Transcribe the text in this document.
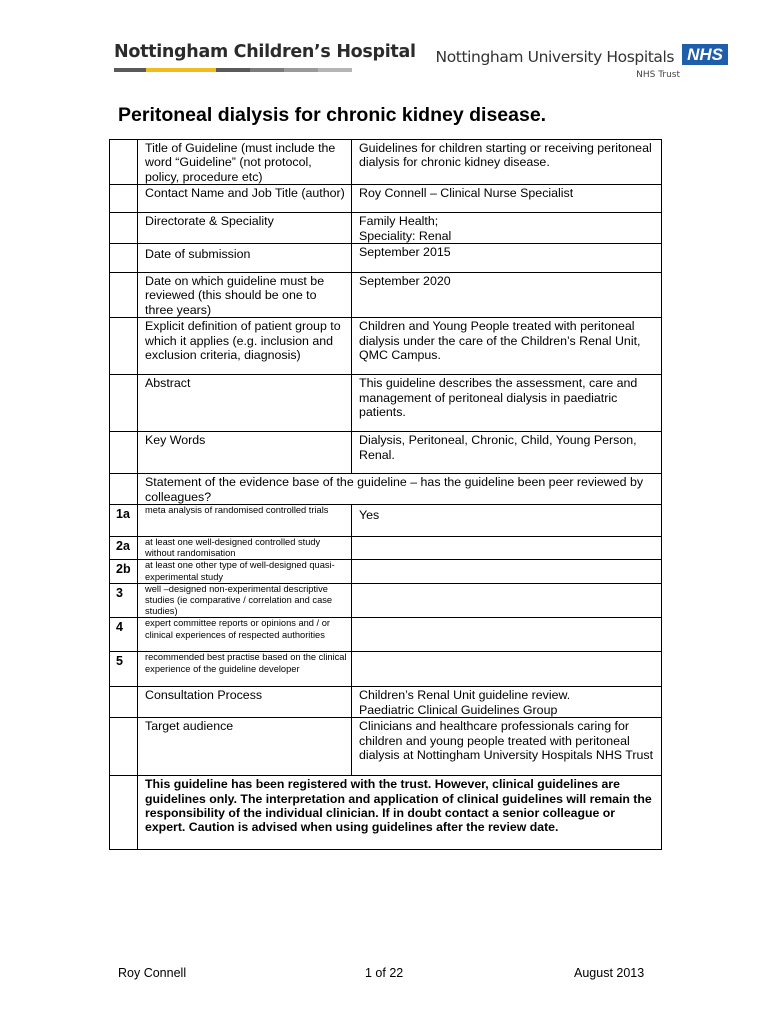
Nottingham Children’s Hospital Nottingham University Hospitals NHS
NHS Trust
Peritoneal dialysis for chronic kidney disease.
	Title of Guideline (must include the word “Guideline” (not protocol, policy, procedure etc)	Guidelines for children starting or receiving peritoneal dialysis for chronic kidney disease.
	Contact Name and Job Title (author)	Roy Connell – Clinical Nurse Specialist
	Directorate & Speciality	Family Health;
Speciality: Renal
	Date of submission	September 2015
	Date on which guideline must be reviewed (this should be one to three years)	September 2020
	Explicit definition of patient group to which it applies (e.g. inclusion and exclusion criteria, diagnosis)	Children and Young People treated with peritoneal dialysis under the care of the Children’s Renal Unit, QMC Campus.
	Abstract	This guideline describes the assessment, care and management of peritoneal dialysis in paediatric patients.
	Key Words	Dialysis, Peritoneal, Chronic, Child, Young Person, Renal.
	Statement of the evidence base of the guideline – has the guideline been peer reviewed by colleagues?	
1a	meta analysis of randomised controlled trials	Yes
2a	at least one well-designed controlled study without randomisation	
2b	at least one other type of well-designed quasi-experimental study	
3	well –designed non-experimental descriptive studies (ie comparative / correlation and case studies)	
4	expert committee reports or opinions and / or clinical experiences of respected authorities	
5	recommended best practise based on the clinical experience of the guideline developer	
	Consultation Process	Children’s Renal Unit guideline review.
Paediatric Clinical Guidelines Group
	Target audience	Clinicians and healthcare professionals caring for children and young people treated with peritoneal dialysis at Nottingham University Hospitals NHS Trust
	This guideline has been registered with the trust. However, clinical guidelines are guidelines only. The interpretation and application of clinical guidelines will remain the responsibility of the individual clinician. If in doubt contact a senior colleague or expert. Caution is advised when using guidelines after the review date.	
Roy Connell	1 of 22	August 2013
